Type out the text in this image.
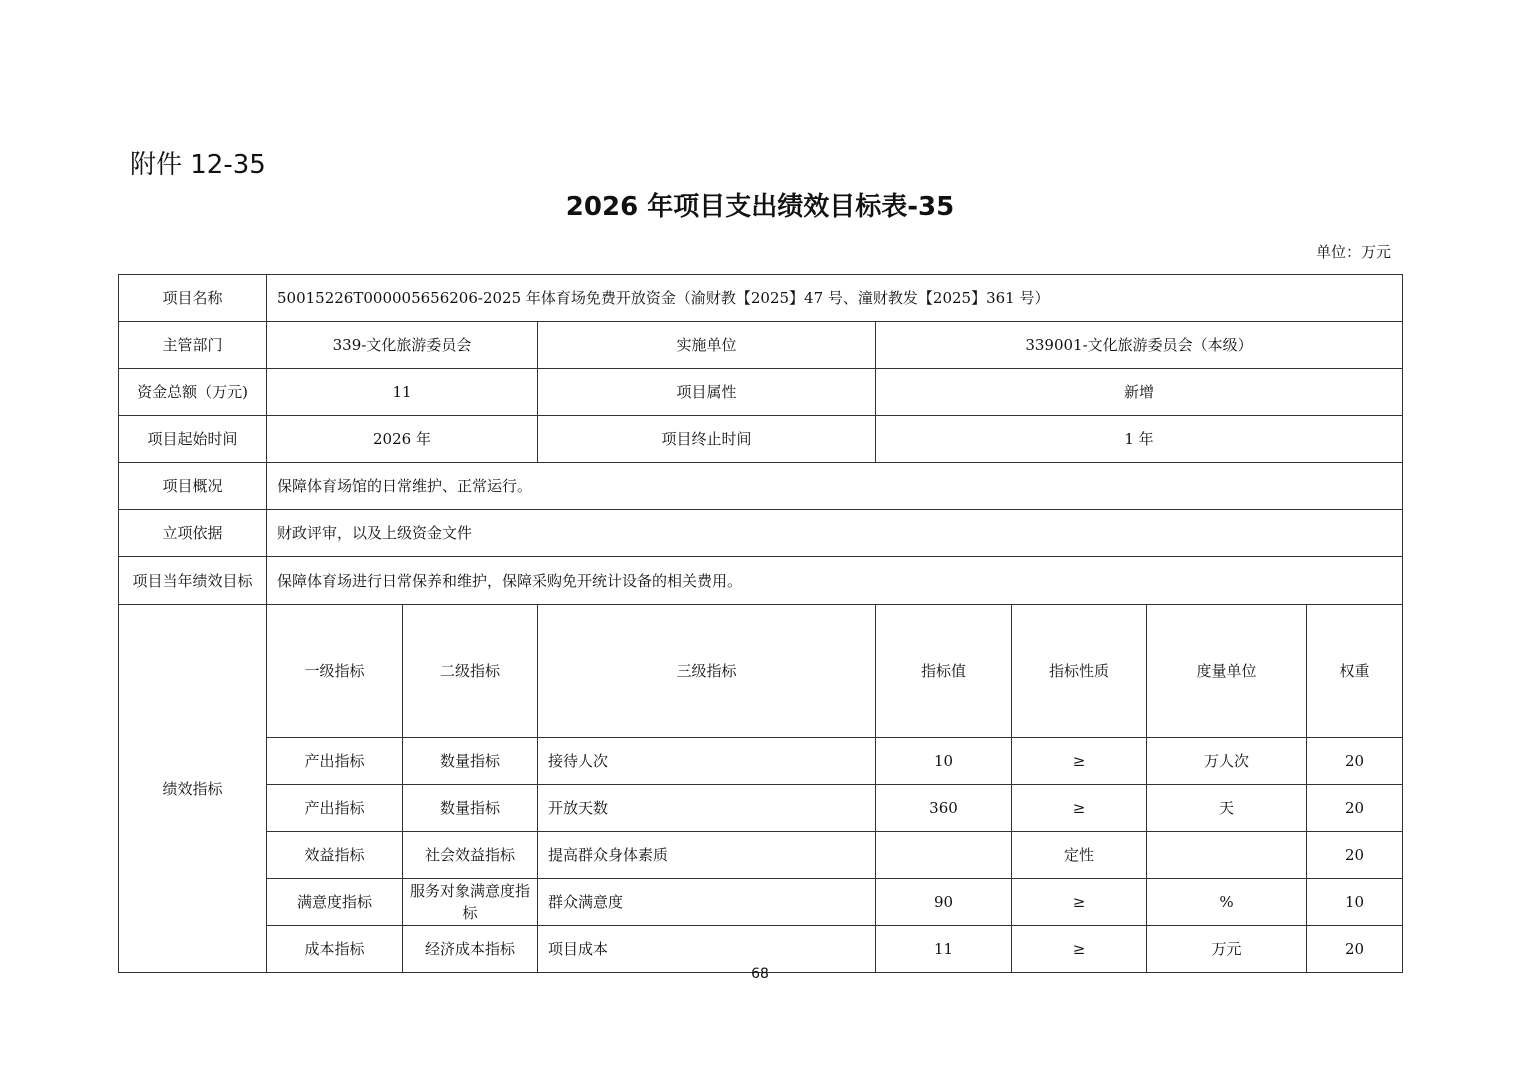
附件 12-35
2026 年项目支出绩效目标表-35
单位：万元
项目名称	50015226T000005656206-2025 年体育场免费开放资金（渝财教【2025】47 号、潼财教发【2025】361 号）							
主管部门	339-文化旅游委员会		实施单位	339001-文化旅游委员会（本级）				
资金总额（万元)	11		项目属性	新增				
项目起始时间	2026 年		项目终止时间	1 年				
项目概况	保障体育场馆的日常维护、正常运行。							
立项依据	财政评审，以及上级资金文件							
项目当年绩效目标	保障体育场进行日常保养和维护，保障采购免开统计设备的相关费用。							
绩效指标	一级指标	二级指标	三级指标	指标值	指标性质	度量单位	权重	
	产出指标	数量指标	接待人次	10	≥	万人次	20	
	产出指标	数量指标	开放天数	360	≥	天	20	
	效益指标	社会效益指标	提高群众身体素质		定性		20	
	满意度指标	服务对象满意度指标	群众满意度	90	≥	%	10	
	成本指标	经济成本指标	项目成本	11	≥	万元	20	
68
